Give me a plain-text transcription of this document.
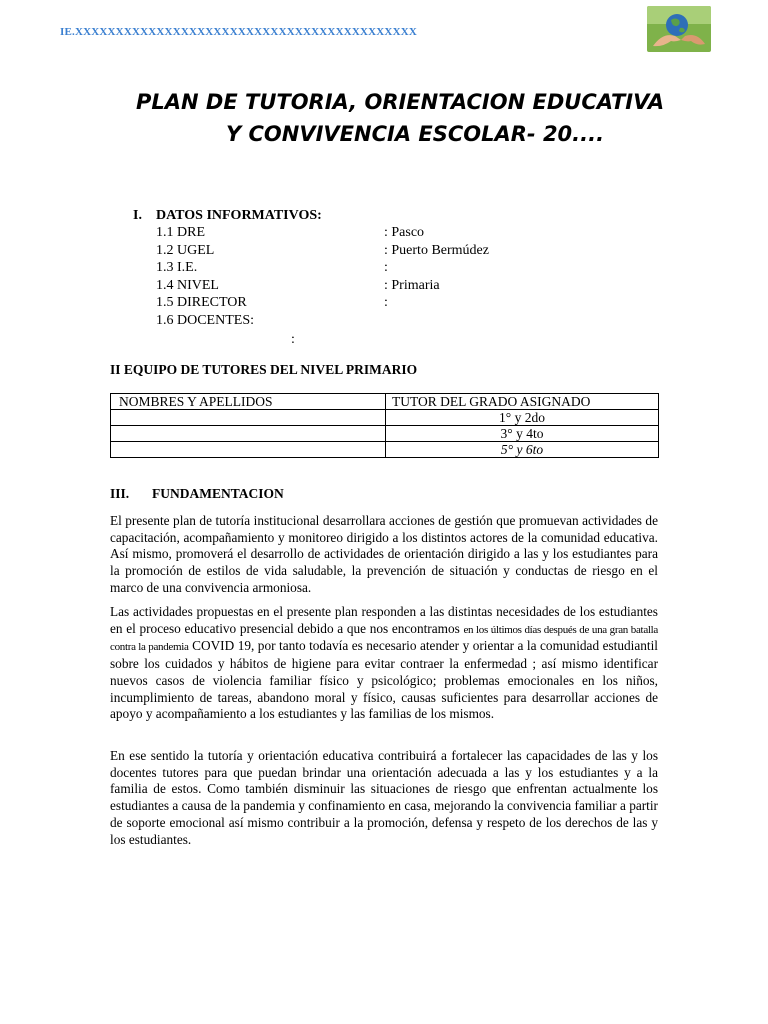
IE.XXXXXXXXXXXXXXXXXXXXXXXXXXXXXXXXXXXXXXXXXX
PLAN DE TUTORIA, ORIENTACION EDUCATIVA
Y CONVIVENCIA ESCOLAR- 20....
I. DATOS INFORMATIVOS:
1.1 DRE	: Pasco
1.2 UGEL	: Puerto Bermúdez
1.3 I.E.	:
1.4 NIVEL	: Primaria
1.5 DIRECTOR	:
1.6 DOCENTES:
:
II EQUIPO DE TUTORES DEL NIVEL PRIMARIO
NOMBRES Y APELLIDOS	TUTOR DEL GRADO ASIGNADO
	1° y 2do
	3° y 4to
	5° y 6to
III. FUNDAMENTACION

El presente plan de tutoría institucional desarrollara acciones de gestión que promuevan actividades de capacitación, acompañamiento y monitoreo dirigido a los distintos actores de la comunidad educativa. Así mismo, promoverá el desarrollo de actividades de orientación dirigido a las y los estudiantes para la promoción de estilos de vida saludable, la prevención de situación y conductas de riesgo en el marco de una convivencia armoniosa.

Las actividades propuestas en el presente plan responden a las distintas necesidades de los estudiantes en el proceso educativo presencial debido a que nos encontramos en los últimos días después de una gran batalla contra la pandemia COVID 19, por tanto todavía es necesario atender y orientar a la comunidad estudiantil sobre los cuidados y hábitos de higiene para evitar contraer la enfermedad ; así mismo identificar nuevos casos de violencia familiar físico y psicológico; problemas emocionales en los niños, incumplimiento de tareas, abandono moral y físico, causas suficientes para desarrollar acciones de apoyo y acompañamiento a los estudiantes y las familias de los mismos.

En ese sentido la tutoría y orientación educativa contribuirá a fortalecer las capacidades de las y los docentes tutores para que puedan brindar una orientación adecuada a las y los estudiantes y a la familia de estos. Como también disminuir las situaciones de riesgo que enfrentan actualmente los estudiantes a causa de la pandemia y confinamiento en casa, mejorando la convivencia familiar a partir de soporte emocional así mismo contribuir a la promoción, defensa y respeto de los derechos de las y los estudiantes.
